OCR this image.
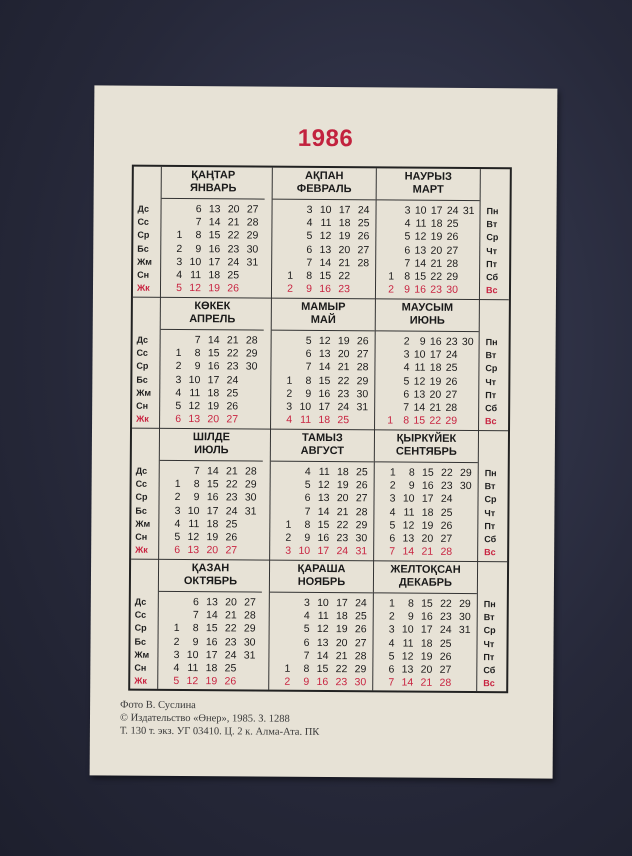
1986
Дс
Сс
Ср
Бс
Жм
Сн
Жк
Пн
Вт
Ср
Чт
Пт
Сб
Вс
ҚАҢТАР
ЯНВАРЬ
1
2
3
4
5
6
7
8
9
10
11
12
13
14
15
16
17
18
19
20
21
22
23
24
25
26
27
28
29
30
31
АҚПАН
ФЕВРАЛЬ
1
2
3
4
5
6
7
8
9
10
11
12
13
14
15
16
17
18
19
20
21
22
23
24
25
26
27
28
НАУРЫЗ
МАРТ
1
2
3
4
5
6
7
8
9
10
11
12
13
14
15
16
17
18
19
20
21
22
23
24
25
26
27
28
29
30
31
Дс
Сс
Ср
Бс
Жм
Сн
Жк
Пн
Вт
Ср
Чт
Пт
Сб
Вс
КӨКЕК
АПРЕЛЬ
1
2
3
4
5
6
7
8
9
10
11
12
13
14
15
16
17
18
19
20
21
22
23
24
25
26
27
28
29
30
МАМЫР
МАЙ
1
2
3
4
5
6
7
8
9
10
11
12
13
14
15
16
17
18
19
20
21
22
23
24
25
26
27
28
29
30
31
МАУСЫМ
ИЮНЬ
1
2
3
4
5
6
7
8
9
10
11
12
13
14
15
16
17
18
19
20
21
22
23
24
25
26
27
28
29
30
Дс
Сс
Ср
Бс
Жм
Сн
Жк
Пн
Вт
Ср
Чт
Пт
Сб
Вс
ШІЛДЕ
ИЮЛЬ
1
2
3
4
5
6
7
8
9
10
11
12
13
14
15
16
17
18
19
20
21
22
23
24
25
26
27
28
29
30
31
ТАМЫЗ
АВГУСТ
1
2
3
4
5
6
7
8
9
10
11
12
13
14
15
16
17
18
19
20
21
22
23
24
25
26
27
28
29
30
31
ҚЫРКҮЙЕК
СЕНТЯБРЬ
1
2
3
4
5
6
7
8
9
10
11
12
13
14
15
16
17
18
19
20
21
22
23
24
25
26
27
28
29
30
Дс
Сс
Ср
Бс
Жм
Сн
Жк
Пн
Вт
Ср
Чт
Пт
Сб
Вс
ҚАЗАН
ОКТЯБРЬ
1
2
3
4
5
6
7
8
9
10
11
12
13
14
15
16
17
18
19
20
21
22
23
24
25
26
27
28
29
30
31
ҚАРАША
НОЯБРЬ
1
2
3
4
5
6
7
8
9
10
11
12
13
14
15
16
17
18
19
20
21
22
23
24
25
26
27
28
29
30
ЖЕЛТОҚСАН
ДЕКАБРЬ
1
2
3
4
5
6
7
8
9
10
11
12
13
14
15
16
17
18
19
20
21
22
23
24
25
26
27
28
29
30
31
Фото В. Суслина
© Издательство «Өнер», 1985. З. 1288
Т. 130 т. экз. УГ 03410. Ц. 2 к. Алма-Ата. ПК
